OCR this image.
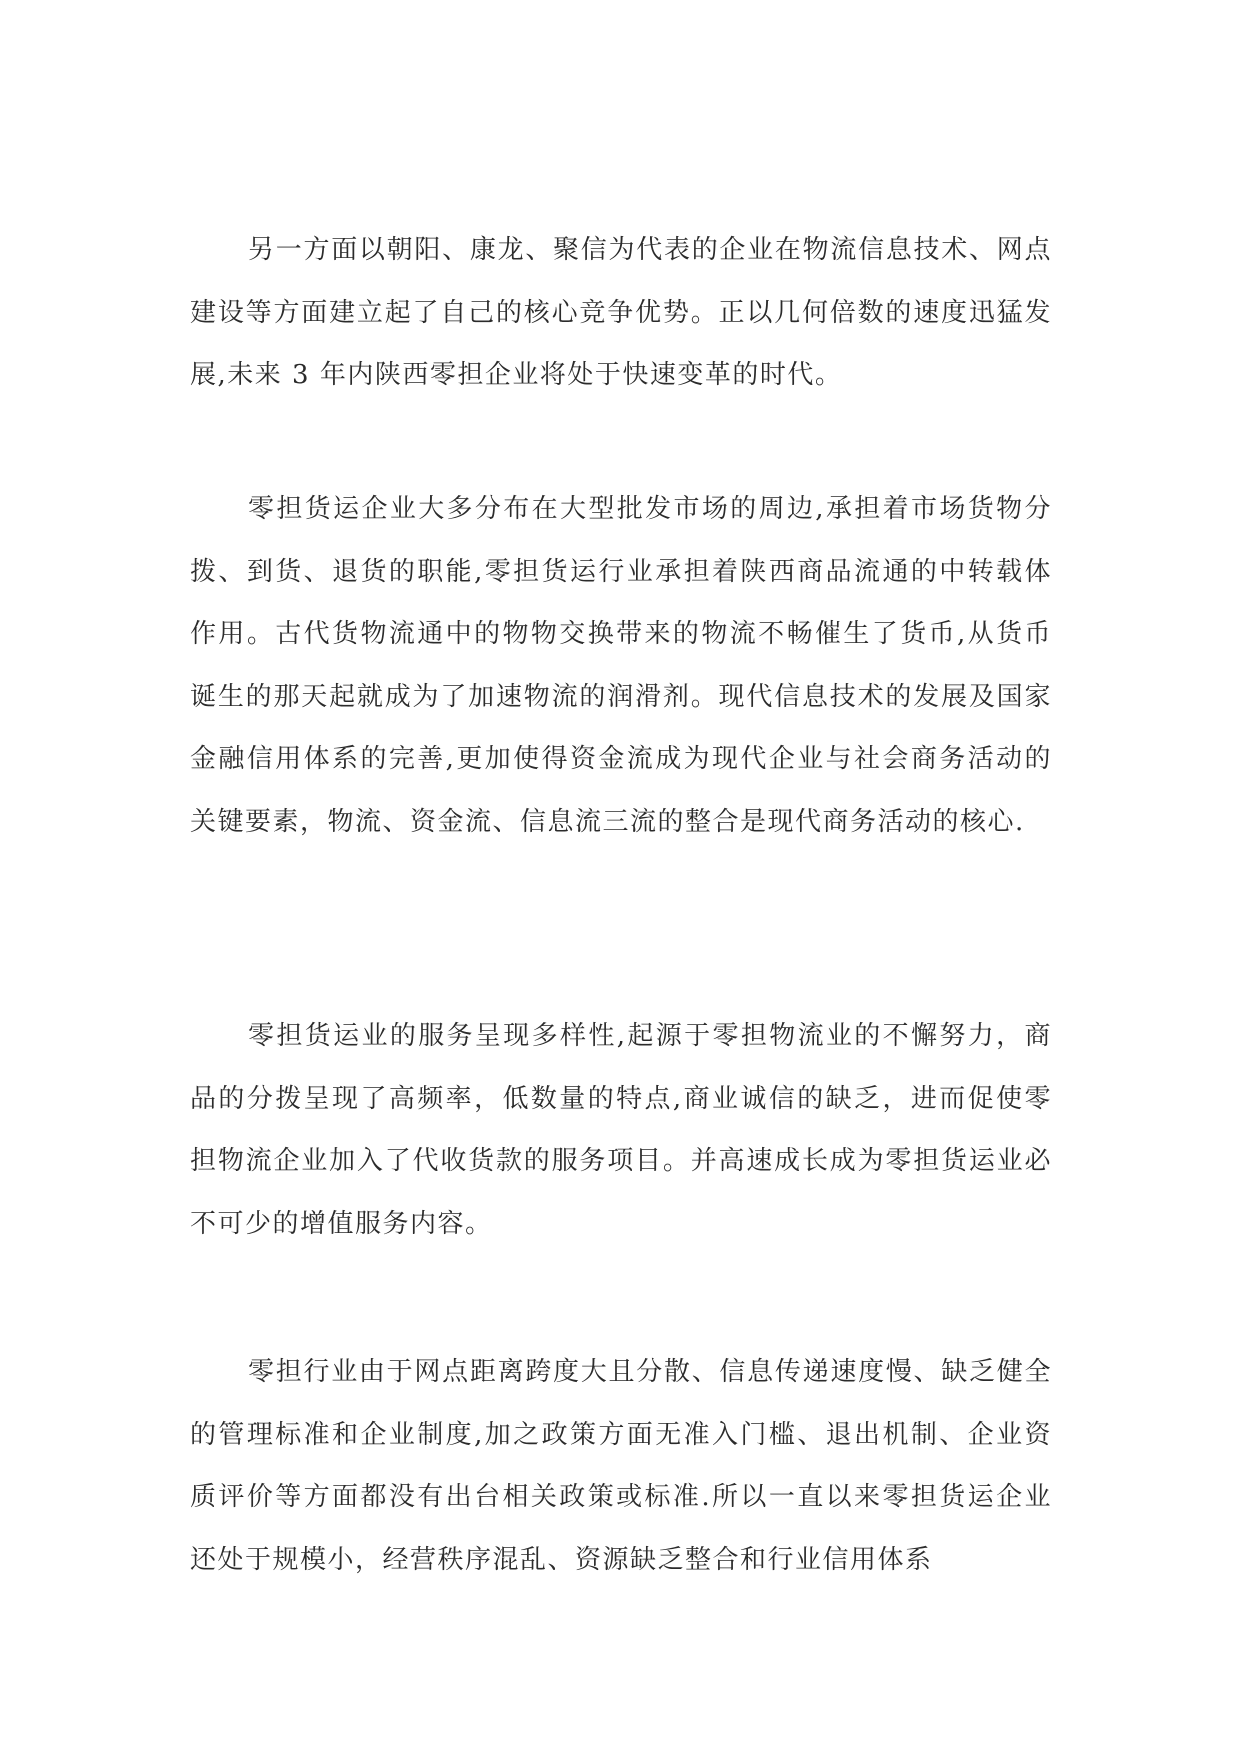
另一方面以朝阳、康龙、聚信为代表的企业在物流信息技术、网点建设等方面建立起了自己的核心竞争优势。正以几何倍数的速度迅猛发展,未来 3 年内陕西零担企业将处于快速变革的时代。

零担货运企业大多分布在大型批发市场的周边,承担着市场货物分拨、到货、退货的职能,零担货运行业承担着陕西商品流通的中转载体作用。古代货物流通中的物物交换带来的物流不畅催生了货币,从货币诞生的那天起就成为了加速物流的润滑剂。现代信息技术的发展及国家金融信用体系的完善,更加使得资金流成为现代企业与社会商务活动的关键要素，物流、资金流、信息流三流的整合是现代商务活动的核心.

零担货运业的服务呈现多样性,起源于零担物流业的不懈努力，商品的分拨呈现了高频率，低数量的特点,商业诚信的缺乏，进而促使零担物流企业加入了代收货款的服务项目。并高速成长成为零担货运业必不可少的增值服务内容。

零担行业由于网点距离跨度大且分散、信息传递速度慢、缺乏健全的管理标准和企业制度,加之政策方面无准入门槛、退出机制、企业资质评价等方面都没有出台相关政策或标准.所以一直以来零担货运企业还处于规模小，经营秩序混乱、资源缺乏整合和行业信用体系
